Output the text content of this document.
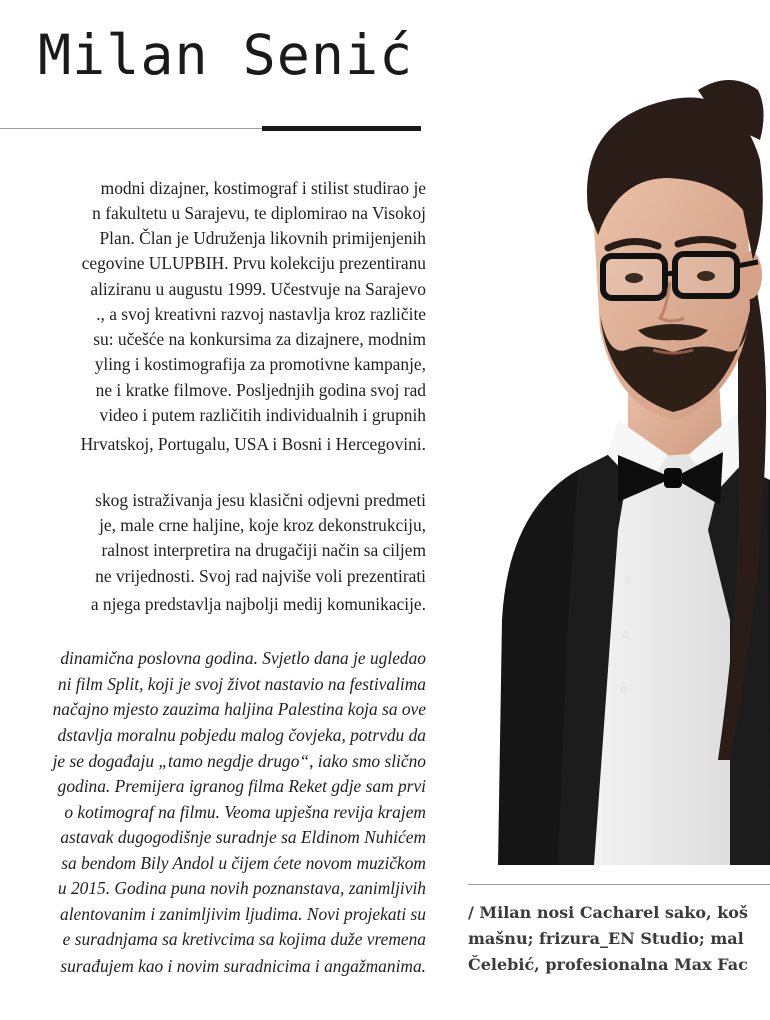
Milan Senić
modni dizajner, kostimograf i stilist studirao je
n fakultetu u Sarajevu, te diplomirao na Visokoj
Plan. Član je Udruženja likovnih primijenjenih
cegovine ULUPBIH. Prvu kolekciju prezentiranu
aliziranu u augustu 1999. Učestvuje na Sarajevo
., a svoj kreativni razvoj nastavlja kroz različite
su: učešće na konkursima za dizajnere, modnim
yling i kostimografija za promotivne kampanje,
ne i kratke filmove. Posljednjih godina svoj rad
video i putem različitih individualnih i grupnih
Hrvatskoj, Portugalu, USA i Bosni i Hercegovini.
skog istraživanja jesu klasični odjevni predmeti
je, male crne haljine, koje kroz dekonstrukciju,
ralnost interpretira na drugačiji način sa ciljem
ne vrijednosti. Svoj rad najviše voli prezentirati
a njega predstavlja najbolji medij komunikacije.
dinamična poslovna godina. Svjetlo dana je ugledao
ni film Split, koji je svoj život nastavio na festivalima
načajno mjesto zauzima haljina Palestina koja sa ove
dstavlja moralnu pobjedu malog čovjeka, potrvdu da
je se događaju „tamo negdje drugo“, iako smo slično
godina. Premijera igranog filma Reket gdje sam prvi
o kotimograf na filmu. Veoma upješna revija krajem
astavak dugogodišnje suradnje sa Eldinom Nuhićem
sa bendom Bily Andol u čijem ćete novom muzičkom
u 2015. Godina puna novih poznanstava, zanimljivih
alentovanim i zanimljivim ljudima. Novi projekati su
e suradnjama sa kretivcima sa kojima duže vremena
surađujem kao i novim suradnicima i angažmanima.
/ Milan nosi Cacharel sako, koš
mašnu; frizura_EN Studio; mal
Čelebić, profesionalna Max Fac
